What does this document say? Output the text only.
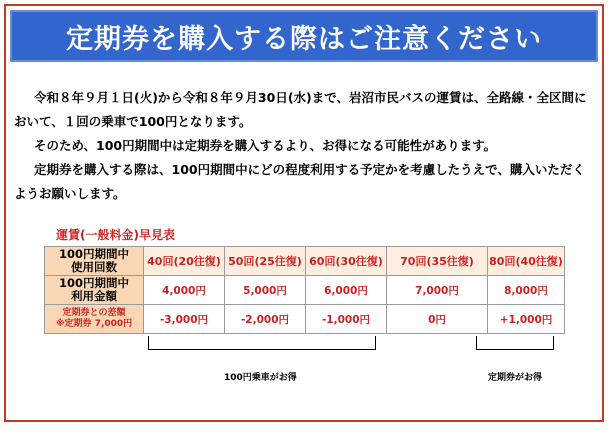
定期券を購入する際はご注意ください

令和８年９月１日(火)から令和８年９月30日(水)まで、岩沼市民バスの運賃は、全路線・全区間において、１回の乗車で100円となります。

そのため、100円期間中は定期券を購入するより、お得になる可能性があります。

定期券を購入する際は、100円期間中にどの程度利用する予定かを考慮したうえで、購入いただくようお願いします。

運賃(一般料金)早見表
100円期間中
使用回数	40回(20往復)	50回(25往復)	60回(30往復)	70回(35往復)	80回(40往復)

100円期間中
利用金額	4,000円	5,000円	6,000円	7,000円	8,000円

定期券との差額
※定期券 7,000円	-3,000円	-2,000円	-1,000円	0円	+1,000円
100円乗車がお得	定期券がお得
